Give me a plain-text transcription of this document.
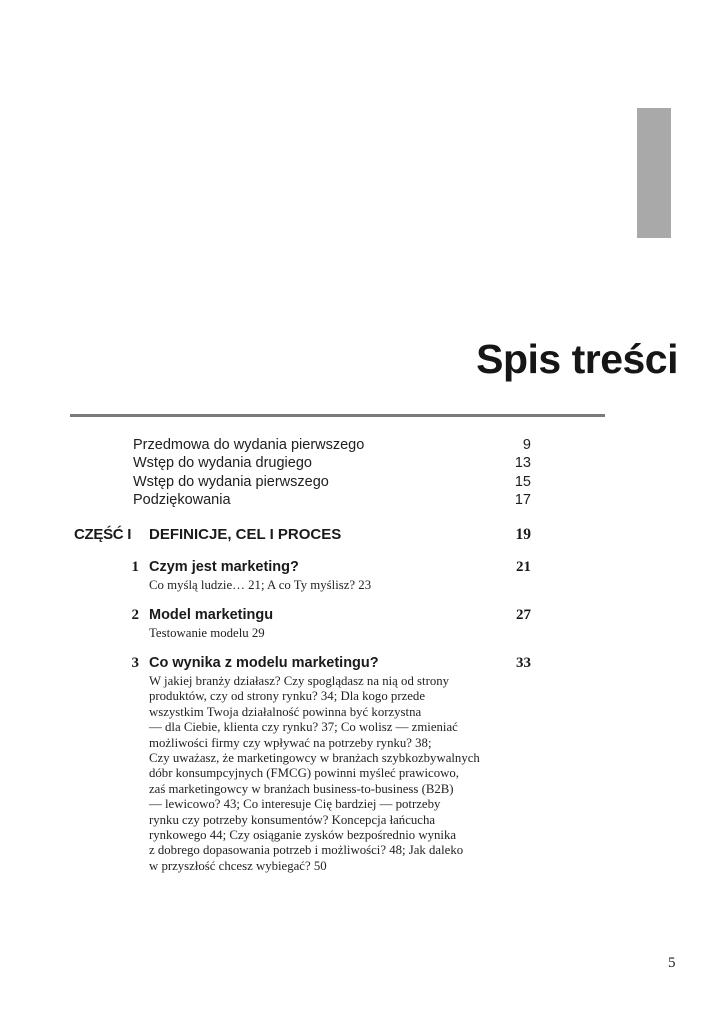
Spis treści
Przedmowa do wydania pierwszego	9
Wstęp do wydania drugiego	13
Wstęp do wydania pierwszego	15
Podziękowania	17
CZĘŚĆ I DEFINICJE, CEL I PROCES	19
1 Czym jest marketing?	21
Co myślą ludzie… 21; A co Ty myślisz? 23
2 Model marketingu	27
Testowanie modelu 29
3 Co wynika z modelu marketingu?	33
W jakiej branży działasz? Czy spoglądasz na nią od strony
produktów, czy od strony rynku? 34; Dla kogo przede
wszystkim Twoja działalność powinna być korzystna
— dla Ciebie, klienta czy rynku? 37; Co wolisz — zmieniać
możliwości firmy czy wpływać na potrzeby rynku? 38;
Czy uważasz, że marketingowcy w branżach szybkozbywalnych
dóbr konsumpcyjnych (FMCG) powinni myśleć prawicowo,
zaś marketingowcy w branżach business-to-business (B2B)
— lewicowo? 43; Co interesuje Cię bardziej — potrzeby
rynku czy potrzeby konsumentów? Koncepcja łańcucha
rynkowego 44; Czy osiąganie zysków bezpośrednio wynika
z dobrego dopasowania potrzeb i możliwości? 48; Jak daleko
w przyszłość chcesz wybiegać? 50
5
